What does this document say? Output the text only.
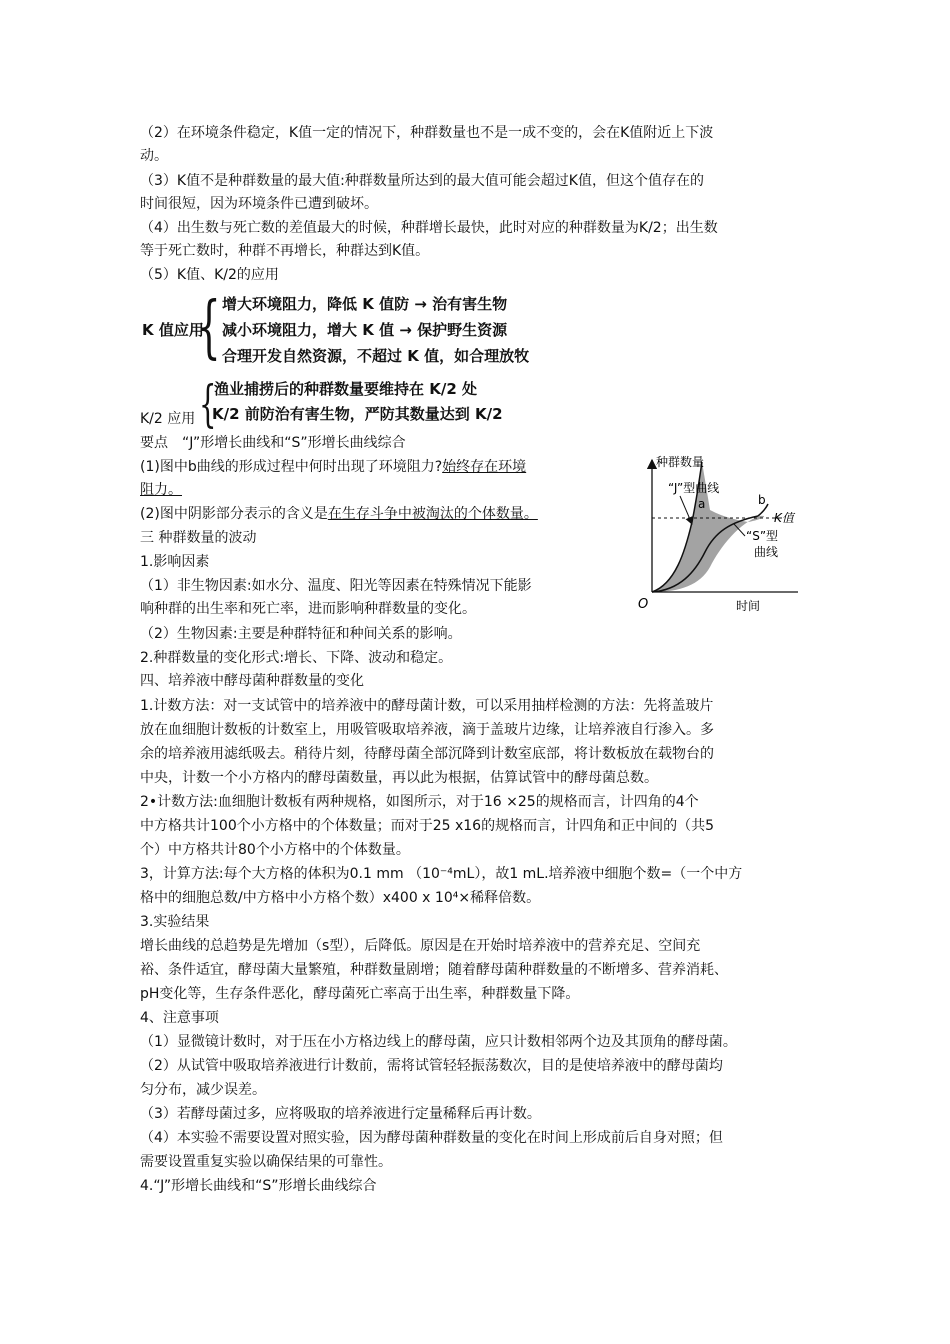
（2）在环境条件稳定，K值一定的情况下，种群数量也不是一成不变的，会在K值附近上下波
动。
（3）K值不是种群数量的最大值:种群数量所达到的最大值可能会超过K值，但这个值存在的
时间很短，因为环境条件已遭到破坏。
（4）出生数与死亡数的差值最大的时候，种群增长最快，此时对应的种群数量为K/2；出生数
等于死亡数时，种群不再增长，种群达到K值。
（5）K值、K/2的应用
K 值应用
{ 增大环境阻力，降低 K 值防 → 治有害生物
减小环境阻力，增大 K 值 → 保护野生资源
合理开发自然资源，不超过 K 值，如合理放牧
K/2 应用 {
渔业捕捞后的种群数量要维持在 K/2 处
K/2 前防治有害生物，严防其数量达到 K/2
要点　“J”形增长曲线和“S”形增长曲线综合
(1)图中b曲线的形成过程中何时出现了环境阻力?始终存在环境
阻力。
(2)图中阴影部分表示的含义是在生存斗争中被淘汰的个体数量。
三 种群数量的波动
1.影响因素
（1）非生物因素:如水分、温度、阳光等因素在特殊情况下能影
响种群的出生率和死亡率，进而影响种群数量的变化。
（2）生物因素:主要是种群特征和种间关系的影响。
2.种群数量的变化形式:增长、下降、波动和稳定。
种群数量
“J”型曲线
a	b
K值
“S”型
曲线
O	时间
四、培养液中酵母菌种群数量的变化
1.计数方法：对一支试管中的培养液中的酵母菌计数，可以采用抽样检测的方法：先将盖玻片
放在血细胞计数板的计数室上，用吸管吸取培养液，滴于盖玻片边缘，让培养液自行渗入。多
余的培养液用滤纸吸去。稍待片刻，待酵母菌全部沉降到计数室底部，将计数板放在载物台的
中央，计数一个小方格内的酵母菌数量，再以此为根据，估算试管中的酵母菌总数。
2•计数方法:血细胞计数板有两种规格，如图所示，对于16 ×25的规格而言，计四角的4个
中方格共计100个小方格中的个体数量；而对于25 x16的规格而言，计四角和正中间的（共5
个）中方格共计80个小方格中的个体数量。
3，计算方法:每个大方格的体积为0.1 mm （10⁻⁴mL），故1 mL.培养液中细胞个数=（一个中方
格中的细胞总数/中方格中小方格个数）x400 x 10⁴×稀释倍数。
3.实验结果
增长曲线的总趋势是先增加（s型），后降低。原因是在开始时培养液中的营养充足、空间充
裕、条件适宜，酵母菌大量繁殖，种群数量剧增；随着酵母菌种群数量的不断增多、营养消耗、
pH变化等，生存条件恶化，酵母菌死亡率高于出生率，种群数量下降。
4、注意事项
（1）显微镜计数时，对于压在小方格边线上的酵母菌，应只计数相邻两个边及其顶角的酵母菌。
（2）从试管中吸取培养液进行计数前，需将试管轻轻振荡数次，目的是使培养液中的酵母菌均
匀分布，减少误差。
（3）若酵母菌过多，应将吸取的培养液进行定量稀释后再计数。
（4）本实验不需要设置对照实验，因为酵母菌种群数量的变化在时间上形成前后自身对照；但
需要设置重复实验以确保结果的可靠性。
4.“J”形增长曲线和“S”形增长曲线综合
